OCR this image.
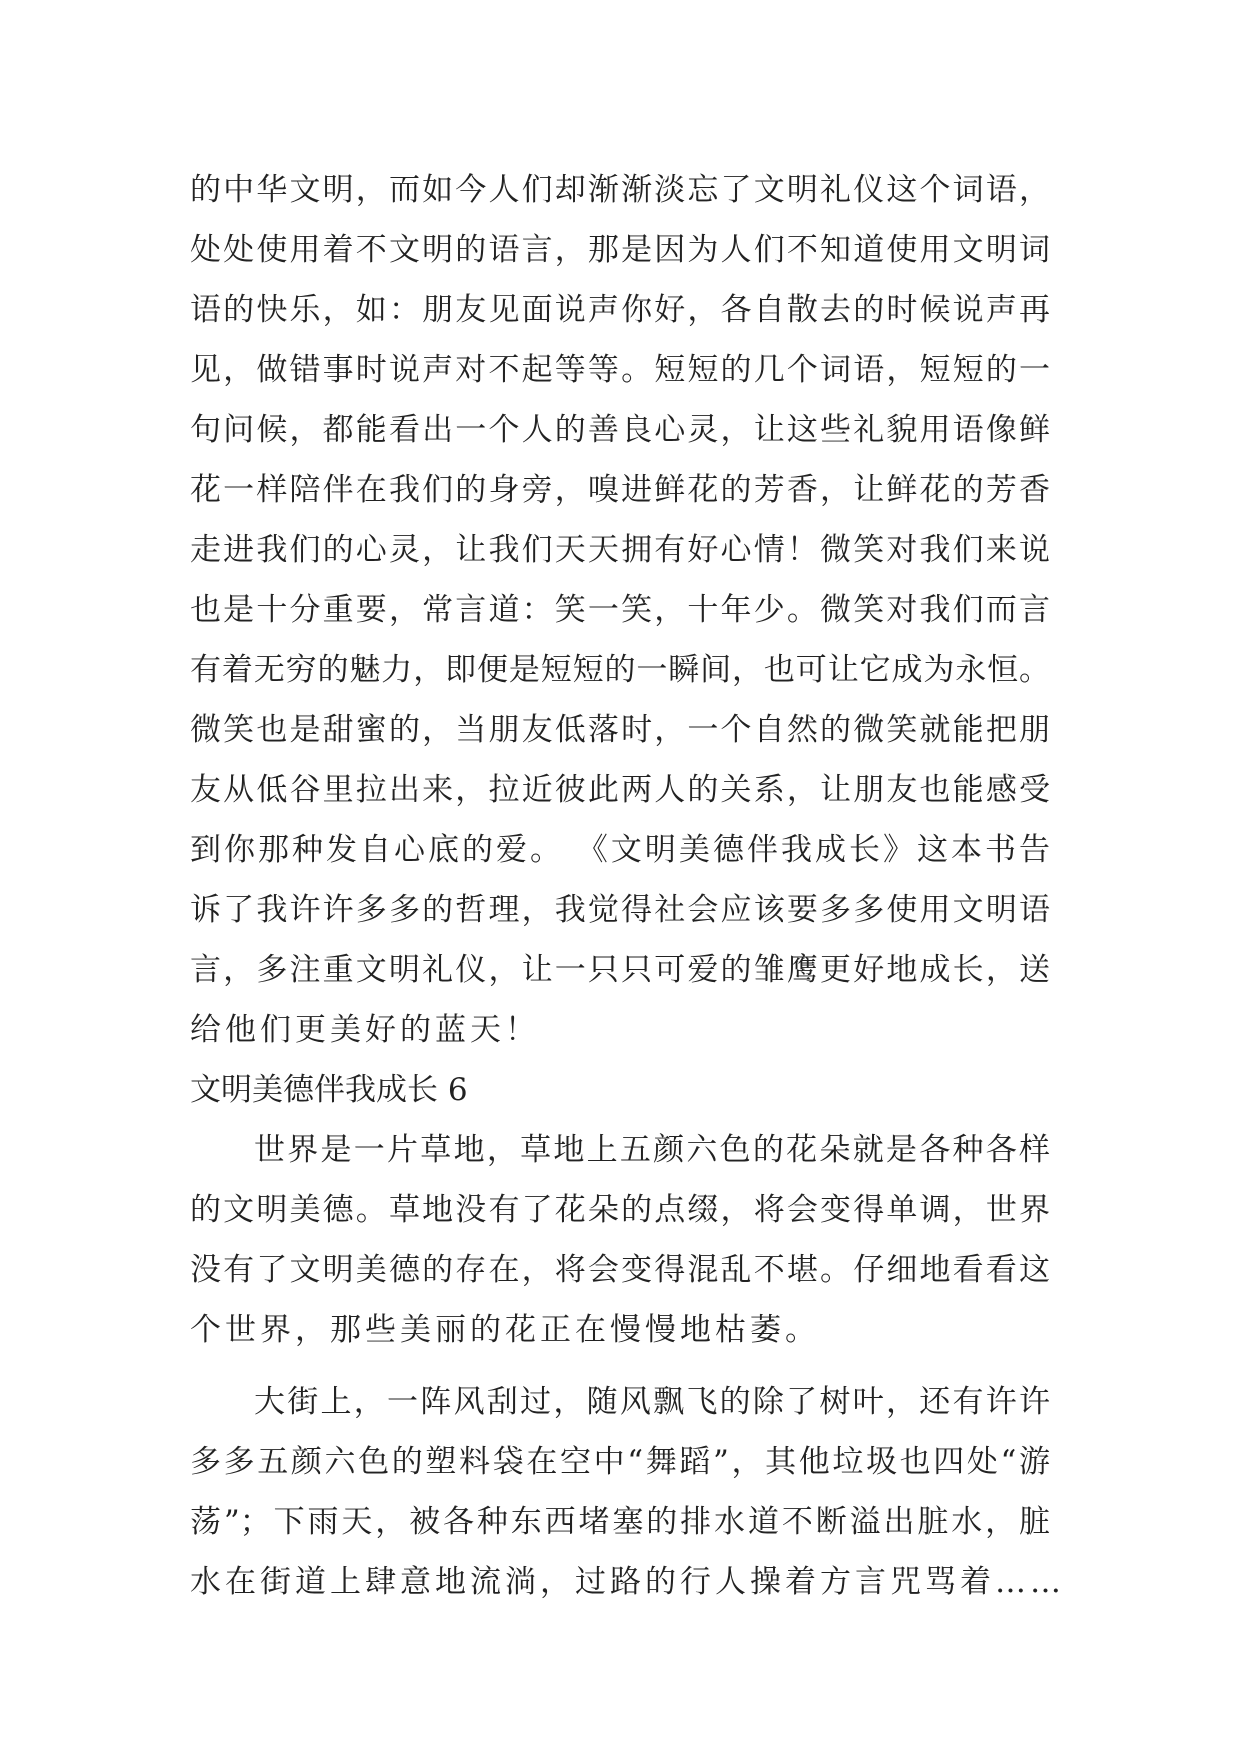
的中华文明，而如今人们却渐渐淡忘了文明礼仪这个词语，
处处使用着不文明的语言，那是因为人们不知道使用文明词
语的快乐，如：朋友见面说声你好，各自散去的时候说声再
见，做错事时说声对不起等等。短短的几个词语，短短的一
句问候，都能看出一个人的善良心灵，让这些礼貌用语像鲜
花一样陪伴在我们的身旁，嗅进鲜花的芳香，让鲜花的芳香
走进我们的心灵，让我们天天拥有好心情！微笑对我们来说
也是十分重要，常言道：笑一笑，十年少。微笑对我们而言
有着无穷的魅力，即便是短短的一瞬间，也可让它成为永恒。
微笑也是甜蜜的，当朋友低落时，一个自然的微笑就能把朋
友从低谷里拉出来，拉近彼此两人的关系，让朋友也能感受
到你那种发自心底的爱。 《文明美德伴我成长》这本书告
诉了我许许多多的哲理，我觉得社会应该要多多使用文明语
言，多注重文明礼仪，让一只只可爱的雏鹰更好地成长，送
给他们更美好的蓝天！
文明美德伴我成长 6
世界是一片草地，草地上五颜六色的花朵就是各种各样
的文明美德。草地没有了花朵的点缀，将会变得单调，世界
没有了文明美德的存在，将会变得混乱不堪。仔细地看看这
个世界，那些美丽的花正在慢慢地枯萎。
大街上，一阵风刮过，随风飘飞的除了树叶，还有许许
多多五颜六色的塑料袋在空中“舞蹈”，其他垃圾也四处“游
荡”；下雨天，被各种东西堵塞的排水道不断溢出脏水，脏
水在街道上肆意地流淌，过路的行人操着方言咒骂着……
